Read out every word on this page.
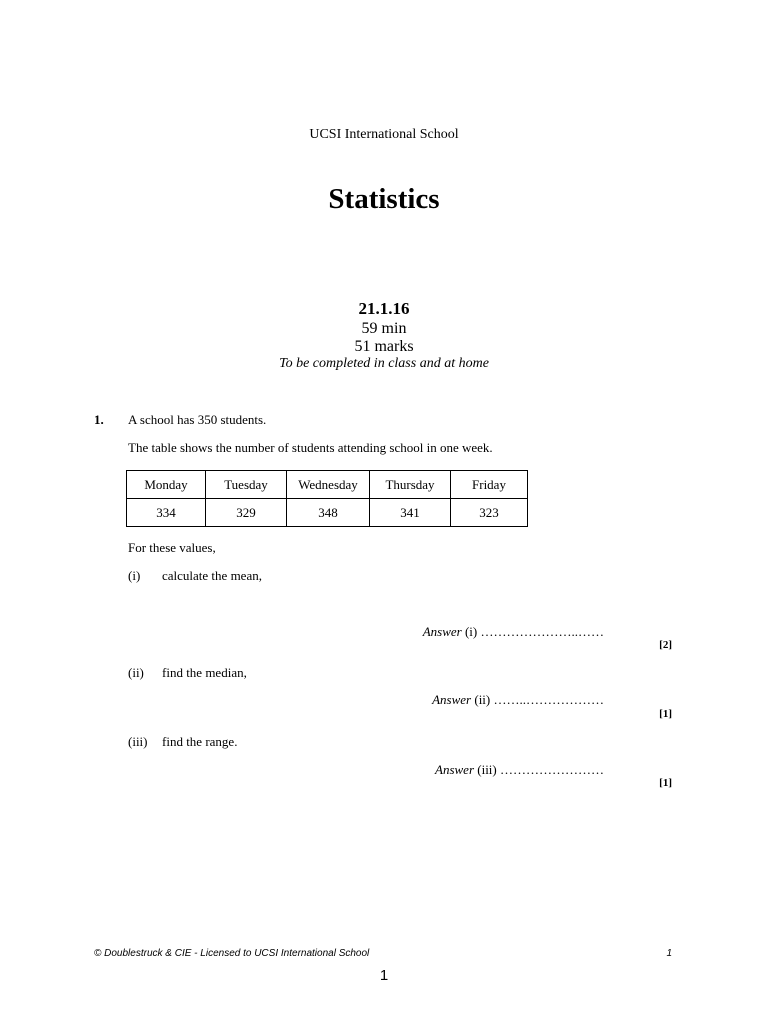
UCSI International School
Statistics
21.1.16
59 min
51 marks
To be completed in class and at home
1. A school has 350 students.
The table shows the number of students attending school in one week.
Monday	Tuesday	Wednesday	Thursday	Friday
334	329	348	341	323
For these values,
(i) calculate the mean,
Answer (i) …………………..……
[2]
(ii) find the median,
Answer (ii) ……..………………
[1]
(iii) find the range.
Answer (iii) ……………………
[1]
© Doublestruck & CIE - Licensed to UCSI International School	1
1
